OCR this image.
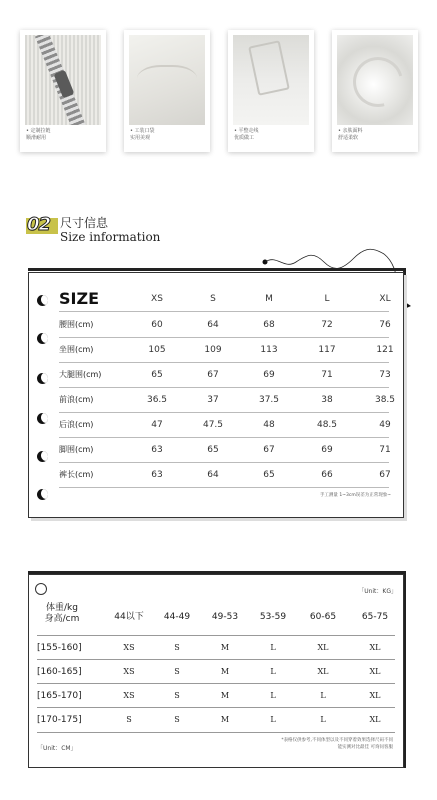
• 定制拉链
顺滑耐用
• 工装口袋
实用美观
• 平整走线
优质做工
• 亲肤面料
舒适柔软
02 尺寸信息
Size information
SIZE	XS	S	M	L	XL
腰围(cm)	60	64	68	72	76
坐围(cm)	105	109	113	117	121
大腿围(cm)	65	67	69	71	73
前浪(cm)	36.5	37	37.5	38	38.5
后浪(cm)	47	47.5	48	48.5	49
脚围(cm)	63	65	67	69	71
裤长(cm)	63	64	65	66	67
手工测量 1~3cm误差为正常现象~
「Unit：KG」
体重/kg
身高/cm	44以下	44-49	49-53	53-59	60-65	65-75
[155-160]	XS	S	M	L	XL	XL
[160-165]	XS	S	M	L	XL	XL
[165-170]	XS	S	M	L	L	XL
[170-175]	S	S	M	L	L	XL
「Unit：CM」
*表格仅供参考,不同体型以及不同穿着效果选择尺码不同
能实测对比最佳 可询问客服
